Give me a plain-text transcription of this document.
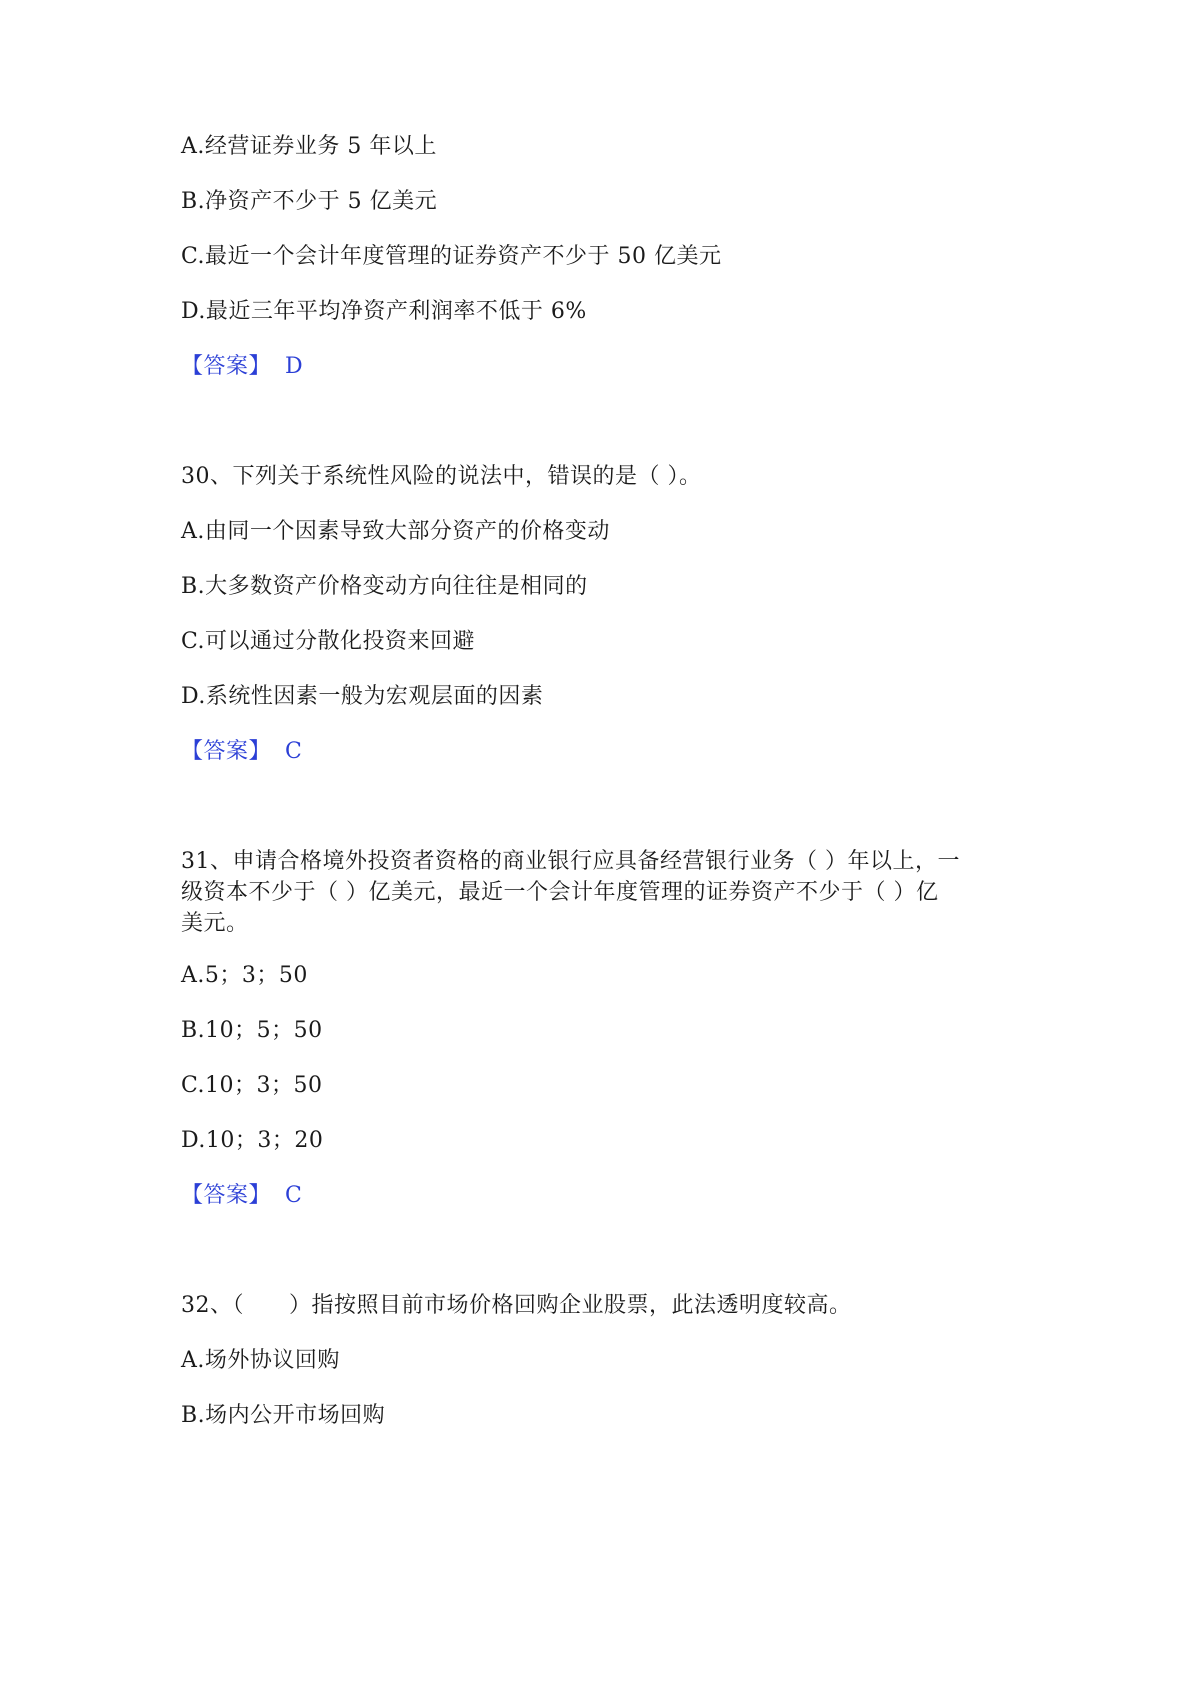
A.经营证券业务 5 年以上
B.净资产不少于 5 亿美元
C.最近一个会计年度管理的证券资产不少于 50 亿美元
D.最近三年平均净资产利润率不低于 6%
【答案】 D
30、下列关于系统性风险的说法中，错误的是（ ）。
A.由同一个因素导致大部分资产的价格变动
B.大多数资产价格变动方向往往是相同的
C.可以通过分散化投资来回避
D.系统性因素一般为宏观层面的因素
【答案】 C
31、申请合格境外投资者资格的商业银行应具备经营银行业务（ ）年以上，一
级资本不少于（ ）亿美元，最近一个会计年度管理的证券资产不少于（ ）亿
美元。
A.5；3；50
B.10；5；50
C.10；3；50
D.10；3；20
【答案】 C
32、（　　）指按照目前市场价格回购企业股票，此法透明度较高。
A.场外协议回购
B.场内公开市场回购
